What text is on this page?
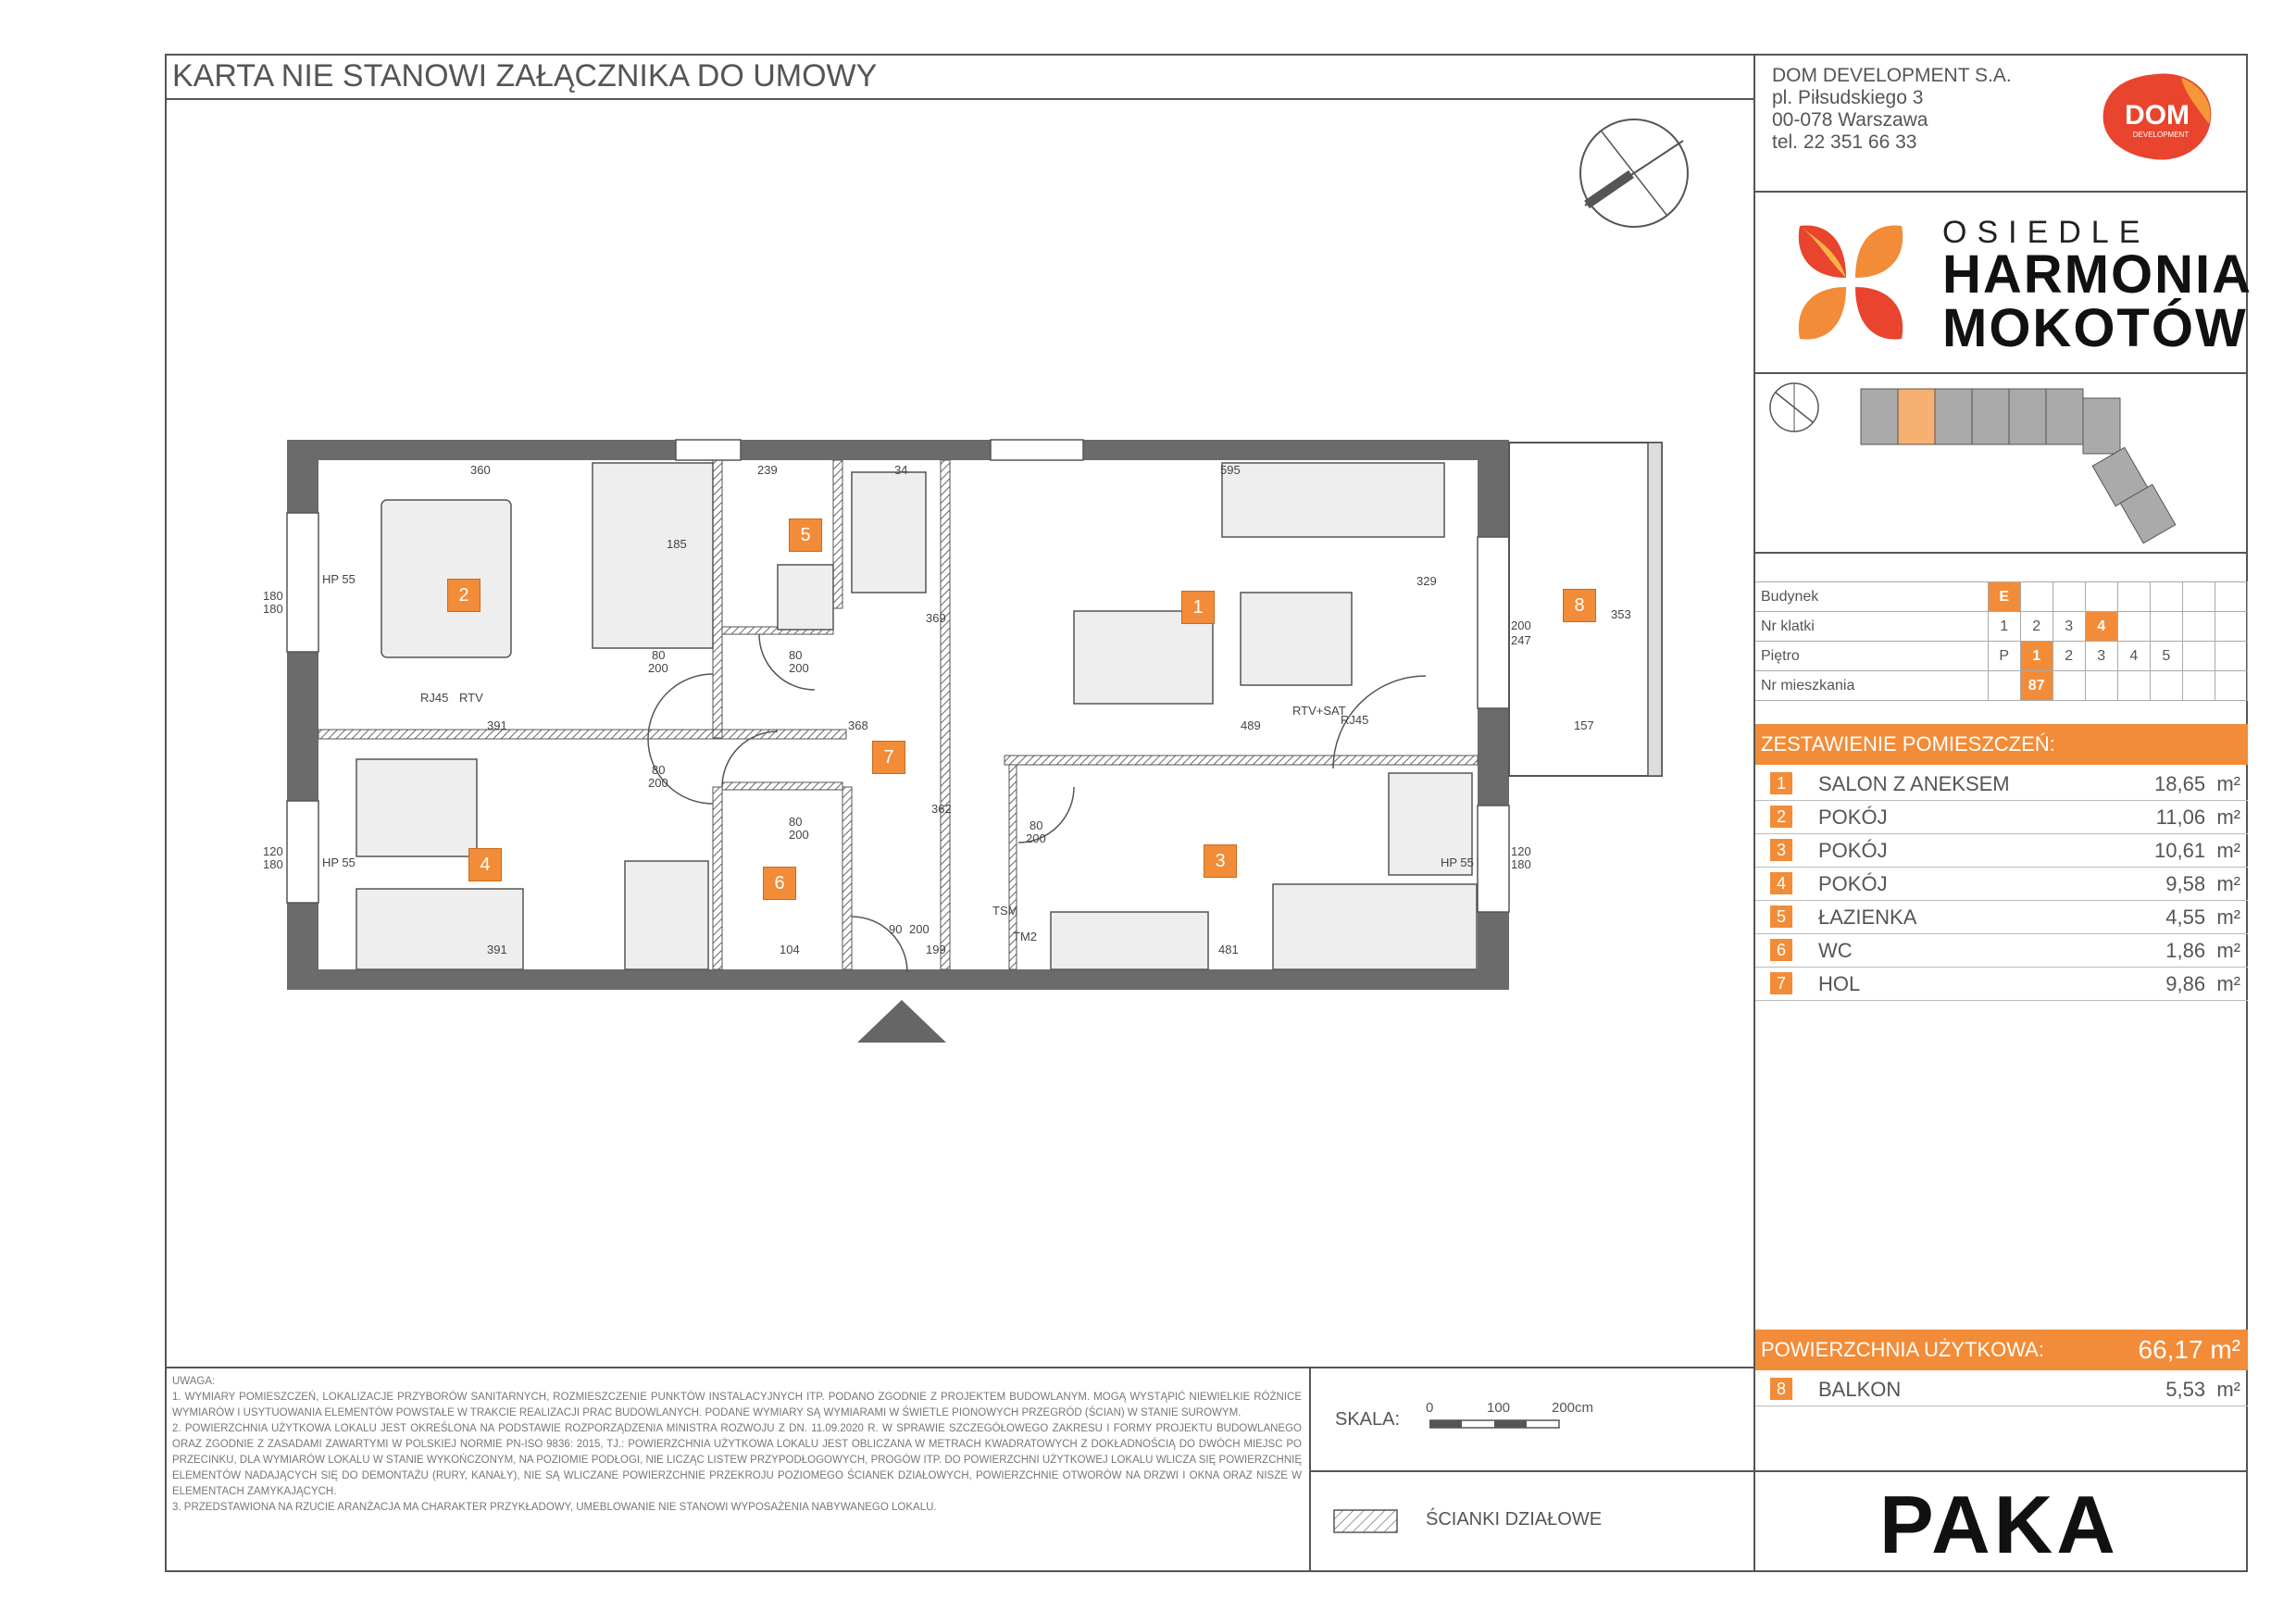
KARTA NIE STANOWI ZAŁĄCZNIKA DO UMOWY	DOM DEVELOPMENT S.A.
pl. Piłsudskiego 3
00-078 Warszawa
tel. 22 351 66 33
DOM
DEVELOPMENT
OSIEDLE
HARMONIA
MOKOTÓW
Budynek	E							
Nr klatki	1	2	3	4				
Piętro	P	1	2	3	4	5		
Nr mieszkania		87						
ZESTAWIENIE POMIESZCZEŃ:
1	SALON Z ANEKSEM	18,65 m²
2	POKÓJ	11,06 m²
3	POKÓJ	10,61 m²
4	POKÓJ	9,58 m²
5	ŁAZIENKA	4,55 m²
6	WC	1,86 m²
7	HOL	9,86 m²
POWIERZCHNIA UŻYTKOWA:	66,17 m²
8	BALKON	5,53 m²
UWAGA:
1. WYMIARY POMIESZCZEŃ, LOKALIZACJE PRZYBORÓW SANITARNYCH, ROZMIESZCZENIE PUNKTÓW INSTALACYJNYCH ITP. PODANO ZGODNIE Z PROJEKTEM BUDOWLANYM. MOGĄ WYSTĄPIĆ NIEWIELKIE RÓŻNICE WYMIARÓW I USYTUOWANIA ELEMENTÓW POWSTAŁE W TRAKCIE REALIZACJI PRAC BUDOWLANYCH. PODANE WYMIARY SĄ WYMIARAMI W ŚWIETLE PIONOWYCH PRZEGRÓD (ŚCIAN) W STANIE SUROWYM.
2. POWIERZCHNIA UŻYTKOWA LOKALU JEST OKREŚLONA NA PODSTAWIE ROZPORZĄDZENIA MINISTRA ROZWOJU Z DN. 11.09.2020 R. W SPRAWIE SZCZEGÓŁOWEGO ZAKRESU I FORMY PROJEKTU BUDOWLANEGO ORAZ ZGODNIE Z ZASADAMI ZAWARTYMI W POLSKIEJ NORMIE PN-ISO 9836: 2015, TJ.: POWIERZCHNIA UŻYTKOWA LOKALU JEST OBLICZANA W METRACH KWADRATOWYCH Z DOKŁADNOŚCIĄ DO DWÓCH MIEJSC PO PRZECINKU, DLA WYMIARÓW LOKALU W STANIE WYKOŃCZONYM, NA POZIOMIE PODŁOGI, NIE LICZĄC LISTEW PRZYPODŁOGOWYCH, PROGÓW ITP. DO POWIERZCHNI UŻYTKOWEJ LOKALU WLICZA SIĘ POWIERZCHNIĘ ELEMENTÓW NADAJĄCYCH SIĘ DO DEMONTAŻU (RURY, KANAŁY), NIE SĄ WLICZANE POWIERZCHNIE PRZEKROJU POZIOMEGO ŚCIANEK DZIAŁOWYCH, POWIERZCHNIE OTWORÓW NA DRZWI I OKNA ORAZ NISZE W ELEMENTACH ZAMYKAJĄCYCH.
3. PRZEDSTAWIONA NA RZUCIE ARANŻACJA MA CHARAKTER PRZYKŁADOWY, UMEBLOWANIE NIE STANOWI WYPOSAŻENIA NABYWANEGO LOKALU.
SKALA:
0	100	200cm
ŚCIANKI DZIAŁOWE	PAKA
1
2
3
4
5
6
7
8
360	239	34	595
391	368	489	157
391	481
104	199
200
247
369
185
329
353
362
180
180
120
180
120
180
HP 55
HP 55	HP 55
80
200
80
200
80
200
80
200
80
200
90 200
RJ45 RTV
RTV+SAT
RJ45
TSM
TM2
